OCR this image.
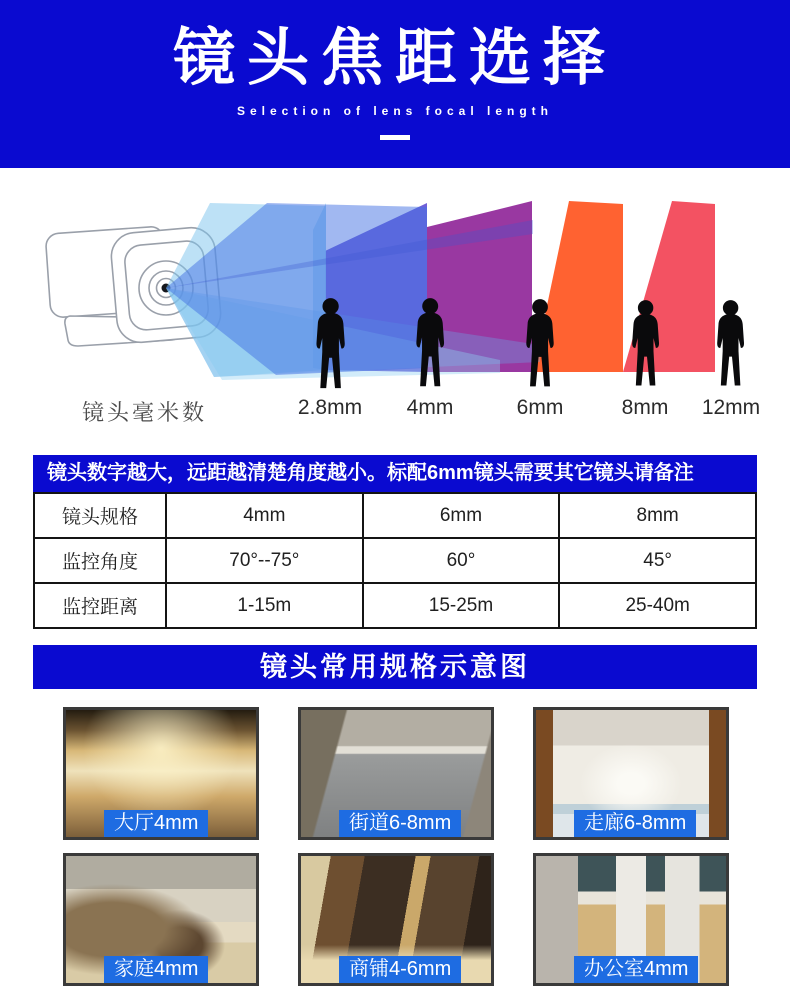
镜头焦距选择
Selection of lens focal length
镜头毫米数	2.8mm 4mm	6mm	8mm 12mm
镜头数字越大，远距越清楚角度越小。标配6mm镜头需要其它镜头请备注
镜头规格	4mm	6mm	8mm
监控角度	70°--75°	60°	45°
监控距离	1-15m	15-25m	25-40m
镜头常用规格示意图
大厅4mm	街道6-8mm	走廊6-8mm
家庭4mm	商铺4-6mm	办公室4mm
